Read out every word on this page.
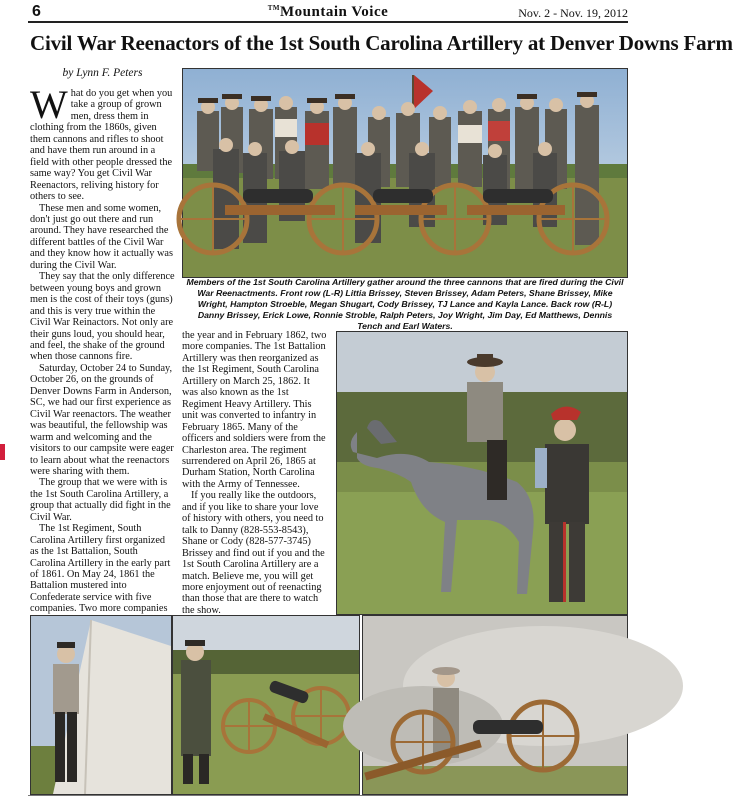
6	™Mountain Voice	Nov. 2 - Nov. 19, 2012
Civil War Reenactors of the 1st South Carolina Artillery at Denver Downs Farm
by Lynn F. Peters

What do you get when you take a group of grown men, dress them in clothing from the 1860s, given them cannons and rifles to shoot and have them run around in a field with other people dressed the same way? You get Civil War Reenactors, reliving history for others to see.

These men and some women, don't just go out there and run around. They have researched the different battles of the Civil War and they know how it actually was during the Civil War.

They say that the only difference between young boys and grown men is the cost of their toys (guns) and this is very true within the Civil War Reinactors. Not only are their guns loud, you should hear, and feel, the shake of the ground when those cannons fire.

Saturday, October 24 to Sunday, October 26, on the grounds of Denver Downs Farm in Anderson, SC, we had our first experience as Civil War reenactors. The weather was beautiful, the fellowship was warm and welcoming and the visitors to our campsite were eager to learn about what the reenactors were sharing with them.

The group that we were with is the 1st South Carolina Artillery, a group that actually did fight in the Civil War.

The 1st Regiment, South Carolina Artillery first organized as the 1st Battalion, South Carolina Artillery in the early part of 1861. On May 24, 1861 the Battalion mustered into Confederate service with five companies. Two more companies

the year and in February 1862, two more companies. The 1st Battalion Artillery was then reorganized as the 1st Regiment, South Carolina Artillery on March 25, 1862. It was also known as the 1st Regiment Heavy Artillery. This unit was converted to infantry in February 1865. Many of the officers and soldiers were from the Charleston area. The regiment surrendered on April 26, 1865 at Durham Station, North Carolina with the Army of Tennessee.

If you really like the outdoors, and if you like to share your love of history with others, you need to talk to Danny (828-553-8543), Shane or Cody (828-577-3745) Brissey and find out if you and the 1st South Carolina Artillery are a match. Believe me, you will get more enjoyment out of reenacting than those that are there to watch the show.

Members of the 1st South Carolina Artillery gather around the three cannons that are fired during the Civil War Reenactments. Front row (L-R) Littia Brissey, Steven Brissey, Adam Peters, Shane Brissey, Mike Wright, Hampton Stroeble, Megan Shugart, Cody Brissey, TJ Lance and Kayla Lance. Back row (R-L) Danny Brissey, Erick Lowe, Ronnie Stroble, Ralph Peters, Joy Wright, Jim Day, Ed Matthews, Dennis Tench and Earl Waters.
